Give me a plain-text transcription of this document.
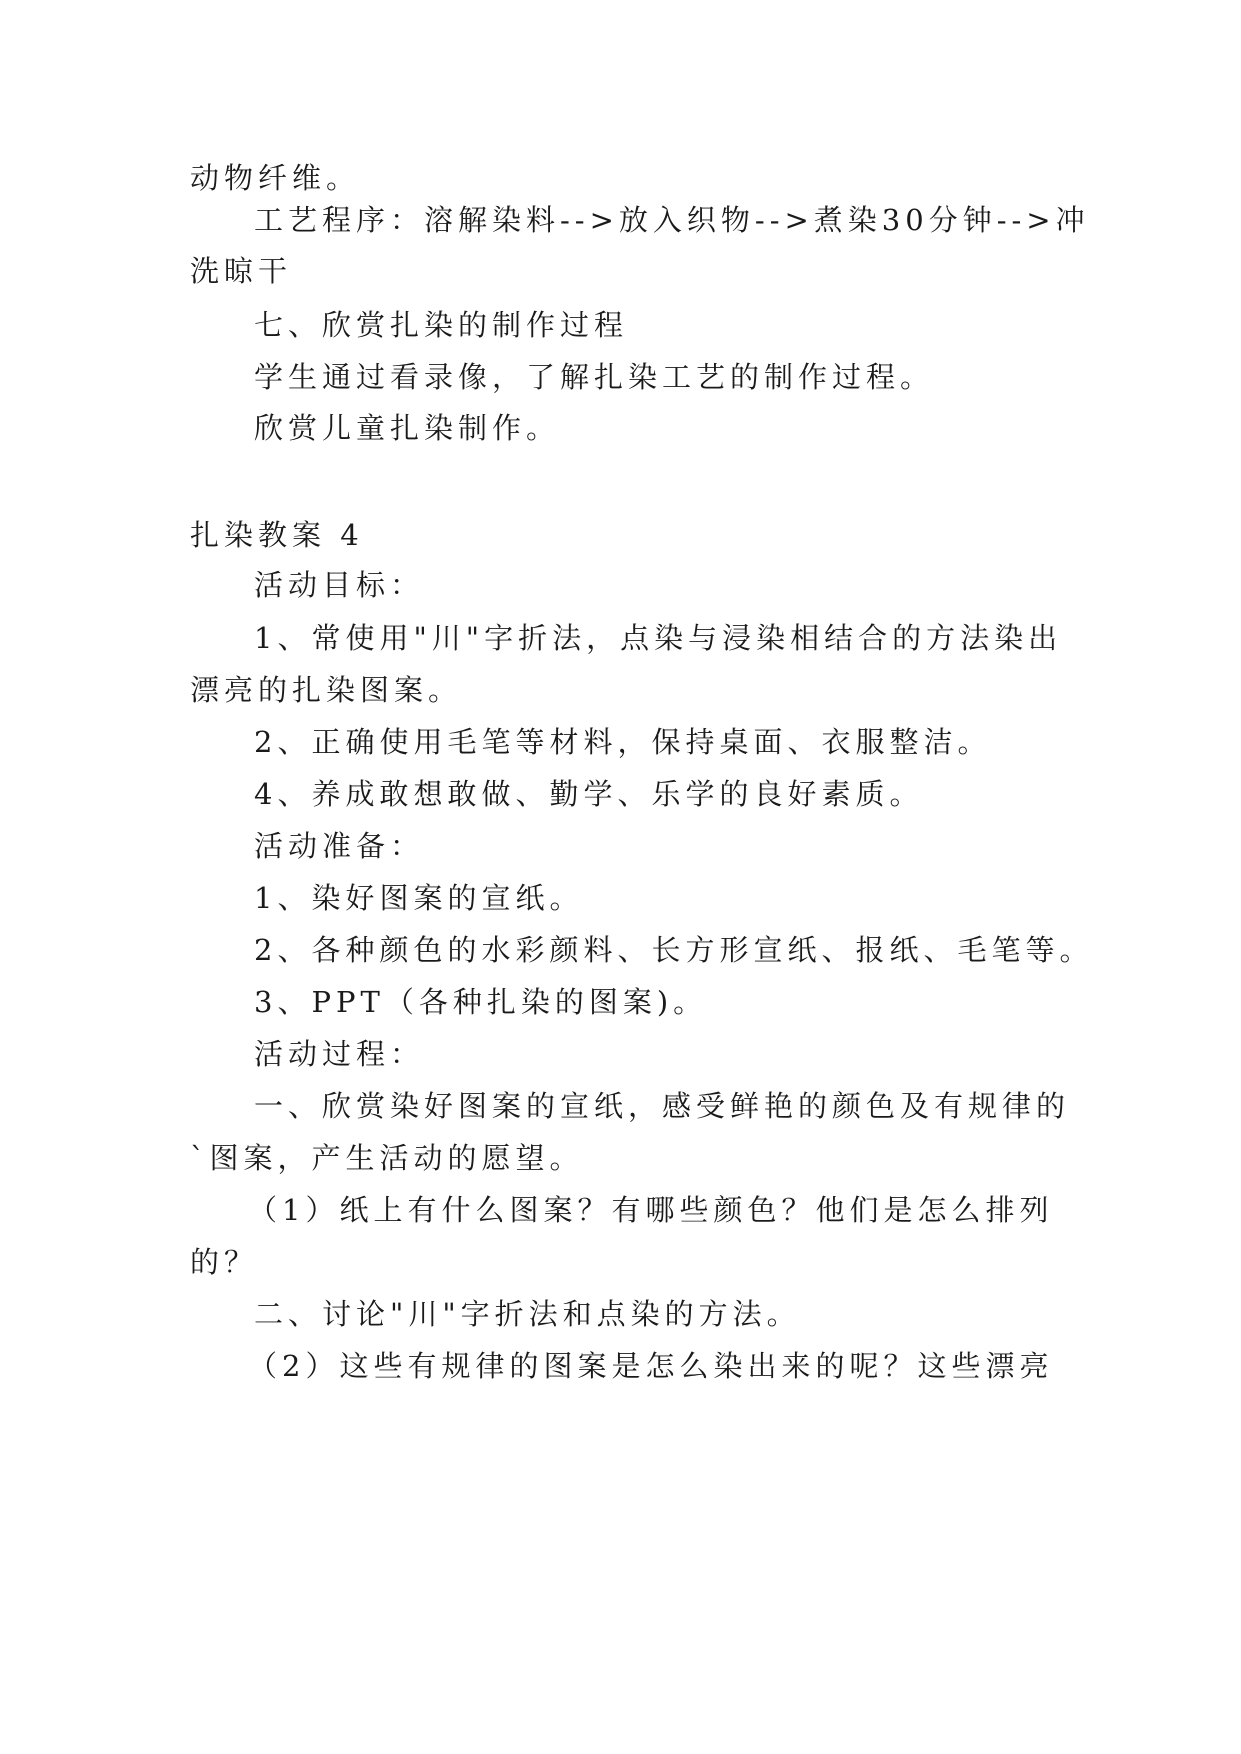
动物纤维。
工艺程序：溶解染料-->放入织物-->煮染30分钟-->冲
洗晾干
七、欣赏扎染的制作过程
学生通过看录像，了解扎染工艺的制作过程。
欣赏儿童扎染制作。
扎染教案 4
活动目标：
1、常使用"川"字折法，点染与浸染相结合的方法染出
漂亮的扎染图案。
2、正确使用毛笔等材料，保持桌面、衣服整洁。
4、养成敢想敢做、勤学、乐学的良好素质。
活动准备：
1、染好图案的宣纸。
2、各种颜色的水彩颜料、长方形宣纸、报纸、毛笔等。
3、PPT（各种扎染的图案)。
活动过程：
一、欣赏染好图案的宣纸，感受鲜艳的颜色及有规律的
`图案，产生活动的愿望。
（1）纸上有什么图案？有哪些颜色？他们是怎么排列
的？
二、讨论"川"字折法和点染的方法。
（2）这些有规律的图案是怎么染出来的呢？这些漂亮
